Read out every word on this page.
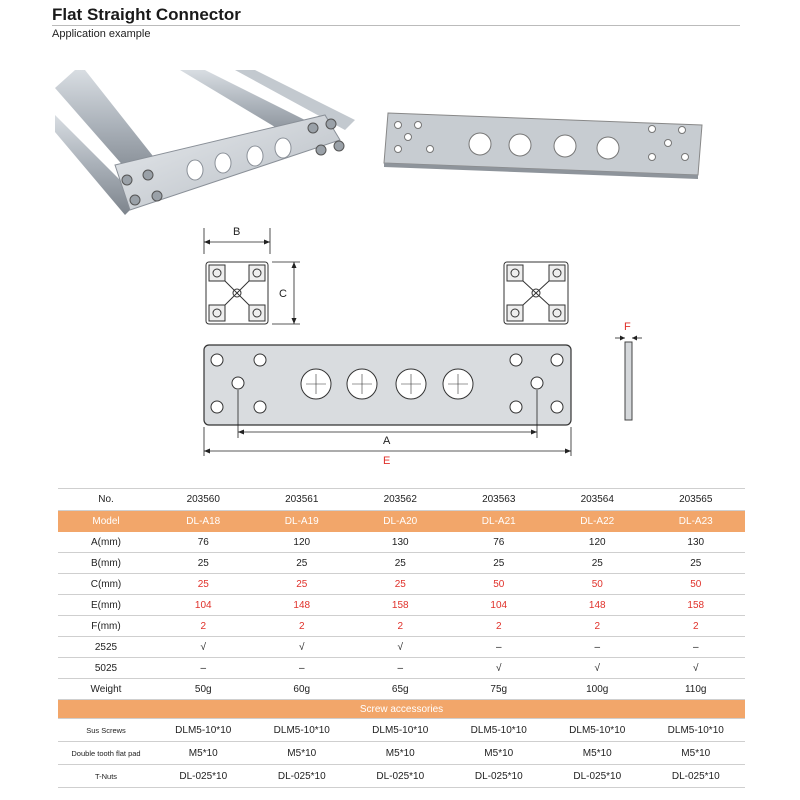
Flat Straight Connector
Application example
B
C
F
A
E
No.	203560	203561	203562	203563	203564	203565
Model	DL-A18	DL-A19	DL-A20	DL-A21	DL-A22	DL-A23
A(mm)	76	120	130	76	120	130
B(mm)	25	25	25	25	25	25
C(mm)	25	25	25	50	50	50
E(mm)	104	148	158	104	148	158
F(mm)	2	2	2	2	2	2
2525	√	√	√	–	–	–
5025	–	–	–	√	√	√
Weight	50g	60g	65g	75g	100g	110g
Screw accessories						
Sus Screws	DLM5-10*10	DLM5-10*10	DLM5-10*10	DLM5-10*10	DLM5-10*10	DLM5-10*10
Double tooth flat pad	M5*10	M5*10	M5*10	M5*10	M5*10	M5*10
T-Nuts	DL-025*10	DL-025*10	DL-025*10	DL-025*10	DL-025*10	DL-025*10
